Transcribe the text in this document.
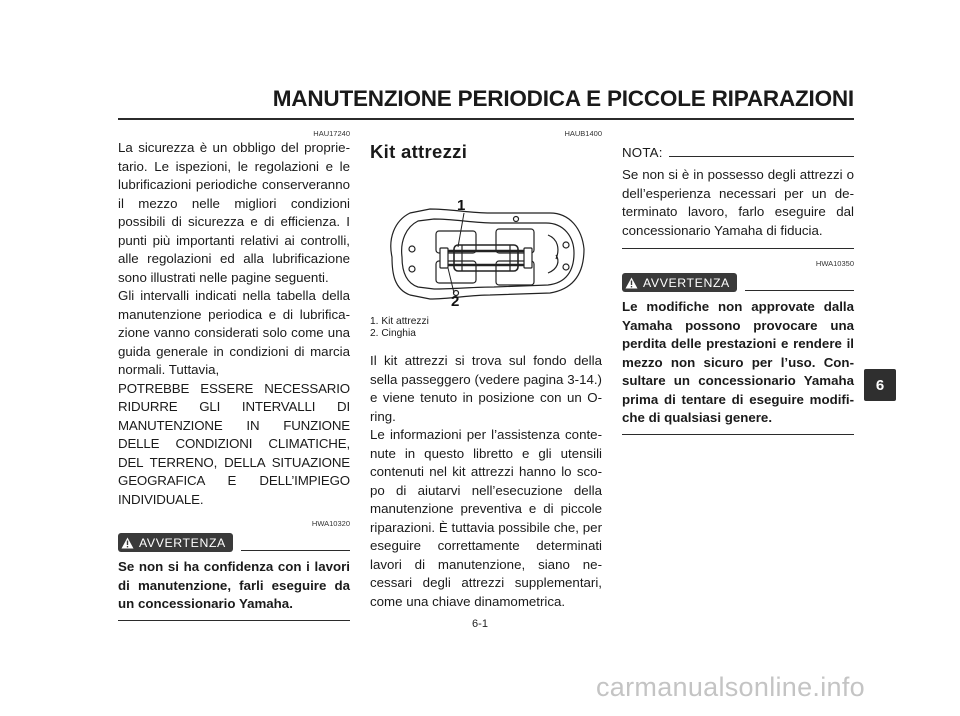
MANUTENZIONE PERIODICA E PICCOLE RIPARAZIONI

HAU17240

La sicurezza è un obbligo del proprietario. Le ispezioni, le regolazioni e le lubrificazioni periodiche conserveranno il mezzo nelle migliori condizioni possibili di sicurezza e di efficienza. I punti più importanti relativi ai controlli, alle regolazioni ed alla lubrificazione sono illustrati nelle pagine seguenti.

Gli intervalli indicati nella tabella della manutenzione periodica e di lubrificazione vanno considerati solo come una guida generale in condizioni di marcia normali. Tuttavia,

POTREBBE ESSERE NECESSARIO RIDURRE GLI INTERVALLI DI MANUTENZIONE IN FUNZIONE DELLE CONDIZIONI CLIMATICHE, DEL TERRENO, DELLA SITUAZIONE GEOGRAFICA E DELL’IMPIEGO INDIVIDUALE.

HWA10320

AVVERTENZA

Se non si ha confidenza con i lavori di manutenzione, farli eseguire da un concessionario Yamaha.

HAUB1400

Kit attrezzi
1
2
1. Kit attrezzi
2. Cinghia

Il kit attrezzi si trova sul fondo della sella passeggero (vedere pagina 3-14.) e viene tenuto in posizione con un O-ring.

Le informazioni per l’assistenza contenute in questo libretto e gli utensili contenuti nel kit attrezzi hanno lo scopo di aiutarvi nell’esecuzione della manutenzione preventiva e di piccole riparazioni. È tuttavia possibile che, per eseguire correttamente determinati lavori di manutenzione, siano necessari degli attrezzi supplementari, come una chiave dinamometrica.

NOTA:

Se non si è in possesso degli attrezzi o dell’esperienza necessari per un determinato lavoro, farlo eseguire dal concessionario Yamaha di fiducia.

HWA10350

AVVERTENZA

Le modifiche non approvate dalla Yamaha possono provocare una perdita delle prestazioni e rendere il mezzo non sicuro per l’uso. Consultare un concessionario Yamaha prima di tentare di eseguire modifiche di qualsiasi genere.

6
6-1
carmanualsonline.info
